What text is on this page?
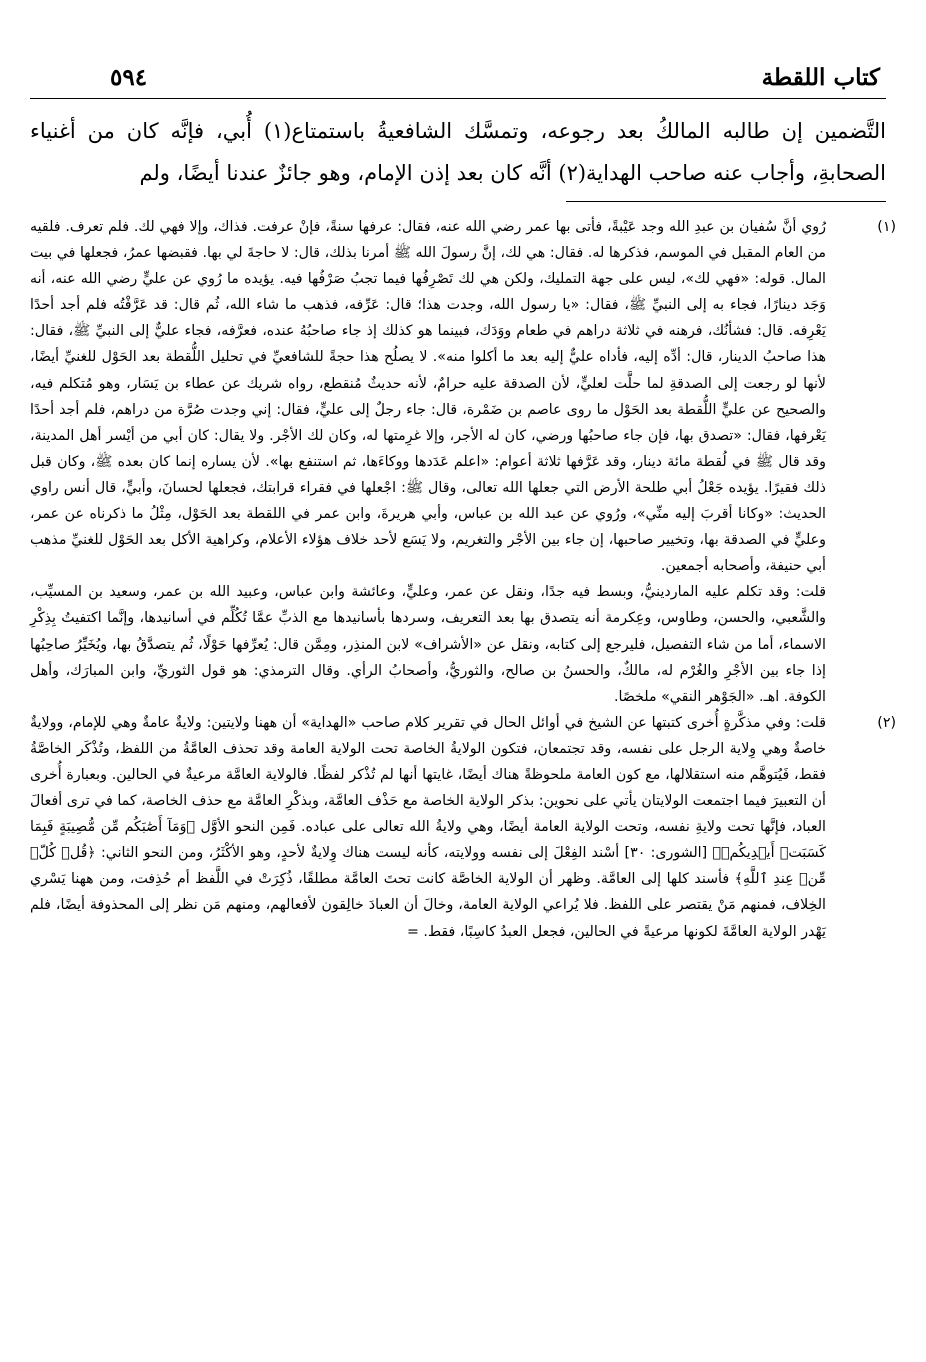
كتاب اللقطة
٥٩٤
التَّضمين إن طالبه المالكُ بعد رجوعه، وتمسَّك الشافعيةُ باستمتاع(١) أُبي، فإنَّه كان من أغنياء الصحابةِ، وأجاب عنه صاحب الهداية(٢) أنَّه كان بعد إذن الإمام، وهو جائزٌ عندنا أيضًا، ولم
(١)

رُوي أنَّ سُفيان بن عبدِ الله وجد عَيْبةً، فأتى بها عمر رضي الله عنه، فقال: عرفها سنةً، فإنْ عرفت. فذاك، وإلا فهي لك. فلم تعرف. فلقيه من العام المقبل في الموسم، فذكرها له. فقال: هي لك، إنَّ رسولَ الله ﷺ أمرنا بذلك، قال: لا حاجةَ لي بها. فقبضها عمرُ، فجعلها في بيت المال. قوله: «فهي لك»، ليس على جهة التمليك، ولكن هي لك تَصْرِفُها فيما تجبُ صَرْفُها فيه. يؤيده ما رُوي عن عليٍّ رضي الله عنه، أنه وَجَد دينارًا، فجاء به إلى النبيِّ ﷺ، فقال: «يا رسول الله، وجدت هذا؛ قال: عَرِّفه، فذهب ما شاء الله، ثُم قال: قد عَرَّفْتُه فلم أجد أحدًا يَعْرِفه. قال: فشأنُك، فرهنه في ثلاثة دراهم في طعام ووَدَك، فبينما هو كذلك إذ جاء صاحبُهُ عنده، فعرَّفه، فجاء عليٌّ إلى النبيِّ ﷺ، فقال: هذا صاحبُ الدينار، قال: أدِّه إليه، فأداه عليٌّ إليه بعد ما أكلوا منه». لا يصلُح هذا حجةً للشافعيِّ في تحليل اللُّقطة بعد الحَوْل للغنيِّ أيضًا، لأنها لو رجعت إلى الصدقةِ لما حلَّت لعليٍّ، لأن الصدقة عليه حرامٌ، لأنه حديثٌ مُنقطع، رواه شريك عن عطاء بن يَسَار، وهو مُتكلم فيه، والصحيح عن عليٍّ اللُّقطة بعد الحَوْل ما روى عاصم بن ضَمْرة، قال: جاء رجلٌ إلى عليٍّ، فقال: إني وجدت صُرَّة من دراهم، فلم أجد أحدًا يَعْرفها، فقال: «تصدق بها، فإن جاء صاحبُها ورضي، كان له الأجر، وإلا غرِمتها له، وكان لك الأجْر. ولا يقال: كان أبي من أيْسر أهل المدينة، وقد قال ﷺ في لُقطة مائة دينار، وقد عَرَّفها ثلاثة أعوام: «اعلم عَدَدها ووكاءَها، ثم استنفع بها». لأن يساره إنما كان بعده ﷺ، وكان قبل ذلك فقيرًا. يؤيده جَعْلُ أبي طلحة الأرض التي جعلها الله تعالى، وقال ﷺ: اجْعلها في فقراء قرابتك، فجعلها لحسانَ، وأبيٍّ، قال أنس راوي الحديث: «وكانا أقربَ إليه منِّي»، ورُوي عن عبد الله بن عباس، وأبي هريرةَ، وابن عمر في اللقطة بعد الحَوْل، مِثْلُ ما ذكرناه عن عمر، وعليٍّ في الصدقة بها، وتخيير صاحبها، إن جاء بين الأجْر والتغريم، ولا يَسَع لأحد خلاف هؤلاء الأعلام، وكراهية الأكل بعد الحَوْل للغنيِّ مذهب أبي حنيفة، وأصحابه أجمعين.

قلت: وقد تكلم عليه الماردينيُّ، وبسط فيه جدًا، ونقل عن عمر، وعليٍّ، وعائشة وابن عباس، وعبيد الله بن عمر، وسعيد بن المسيِّب، والشَّعبي، والحسن، وطاوس، وعِكرمة أنه يتصدق بها بعد التعريف، وسردها بأسانيدها مع الذبِّ عمَّا تُكُلِّم في أسانيدها، وإنَّما اكتفيتُ بِذِكْرِ الاسماء، أما من شاء التفصيل، فليرجع إلى كتابه، ونقل عن «الأشراف» لابن المنذِر، ومِمَّن قال: يُعرِّفها حَوْلًا، ثُم يتصدَّقُ بها، ويُخَيِّرُ صاحِبُها إذا جاء بين الأجْرِ والغُرْم له، مالكٌ، والحسنُ بن صالح، والثوريُّ، وأصحابُ الرأي. وقال الترمذي: هو قول الثوريِّ، وابن المبارَك، وأهل الكوفة. اهـ. «الجَوْهر النقي» ملخصًا.

(٢)

قلت: وفي مذكَّرةٍ أُخرى كتبتها عن الشيخ في أوائل الحال في تقرير كلام صاحب «الهداية» أن ههنا ولايتين: ولايةٌ عامةٌ وهي للإمام، وولايةٌ خاصةٌ وهي وِلاية الرجل على نفسه، وقد تجتمعان، فتكون الولايةُ الخاصة تحت الولاية العامة وقد تحذف العامَّةُ من اللفظ، وتُذْكَر الخاصَّةُ فقط، فَيُتوهَّم منه استقلالها، مع كون العامة ملحوظةً هناك أيضًا، غايتها أنها لم تُذْكر لفظًا. فالولاية العامَّة مرعيةٌ في الحالين. وبعبارة أُخرى أن التعبيرَ فيما اجتمعت الولايتان يأتي على نحوين: بذكر الولاية الخاصة مع حَذْف العامَّة، وبذكْرِ العامَّة مع حذف الخاصة، كما في ترى أفعالَ العباد، فإنَّها تحت ولايةِ نفسه، وتحت الولاية العامة أيضًا، وهي ولايةُ الله تعالى على عباده. فَمِن النحو الأوَّل ﴿وَمَآ أَصَٰبَكُم مِّن مُّصِيبَةٍ فَبِمَا كَسَبَتۡ أَيۡدِيكُمۡ﴾ [الشورى: ٣٠] أسْند الفِعْلَ إلى نفسه وولايته، كأنه ليست هناك وِلايةٌ لأحدٍ، وهو الأكْثَرُ، ومن النحو الثاني: ﴿قُلۡ كُلّٞ مِّنۡ عِندِ ٱللَّهِ﴾ فأسند كلها إلى العامَّة. وظهر أن الولاية الخاصَّة كانت تحتَ العامَّة مطلقًا، ذُكِرَتْ في اللَّفظ أم حُذِفت، ومن ههنا يَسْري الخِلاف، فمنهم مَنْ يقتصر على اللفظ. فلا يُراعي الولاية العامة، وخالَ أن العبادَ خالِقون لأفعالهم، ومنهم مَن نظر إلى المحذوفة أيضًا، فلم يَهْدر الولاية العامَّةَ لكونها مرعيةً في الحالين، فجعل العبدُ كاسِبًا، فقط. =
